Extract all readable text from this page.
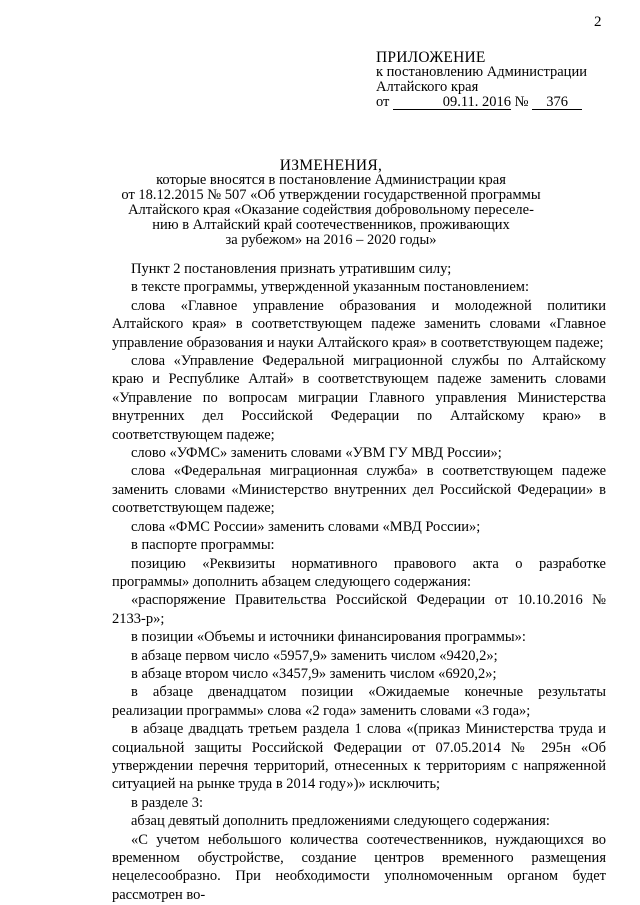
2
ПРИЛОЖЕНИЕ
к постановлению Администрации
Алтайского края
от	09.11. 2016 № 376
ИЗМЕНЕНИЯ,
которые вносятся в постановление Администрации края
от 18.12.2015 № 507 «Об утверждении государственной программы
Алтайского края «Оказание содействия добровольному переселе-
нию в Алтайский край соотечественников, проживающих
за рубежом» на 2016 – 2020 годы»

Пункт 2 постановления признать утратившим силу;

в тексте программы, утвержденной указанным постановлением:

слова «Главное управление образования и молодежной политики Алтайского края» в соответствующем падеже заменить словами «Главное управление образования и науки Алтайского края» в соответствующем падеже;

слова «Управление Федеральной миграционной службы по Алтайскому краю и Республике Алтай» в соответствующем падеже заменить словами «Управление по вопросам миграции Главного управления Министерства внутренних дел Российской Федерации по Алтайскому краю» в соответствующем падеже;

слово «УФМС» заменить словами «УВМ ГУ МВД России»;

слова «Федеральная миграционная служба» в соответствующем падеже заменить словами «Министерство внутренних дел Российской Федерации» в соответствующем падеже;

слова «ФМС России» заменить словами «МВД России»;

в паспорте программы:

позицию «Реквизиты нормативного правового акта о разработке программы» дополнить абзацем следующего содержания:

«распоряжение Правительства Российской Федерации от 10.10.2016 № 2133-р»;

в позиции «Объемы и источники финансирования программы»:

в абзаце первом число «5957,9» заменить числом «9420,2»;

в абзаце втором число «3457,9» заменить числом «6920,2»;

в абзаце двенадцатом позиции «Ожидаемые конечные результаты реализации программы» слова «2 года» заменить словами «3 года»;

в абзаце двадцать третьем раздела 1 слова «(приказ Министерства труда и социальной защиты Российской Федерации от 07.05.2014 № 295н «Об утверждении перечня территорий, отнесенных к территориям с напряженной ситуацией на рынке труда в 2014 году»)» исключить;

в разделе 3:

абзац девятый дополнить предложениями следующего содержания:

«С учетом небольшого количества соотечественников, нуждающихся во временном обустройстве, создание центров временного размещения нецелесообразно. При необходимости уполномоченным органом будет рассмотрен во-
